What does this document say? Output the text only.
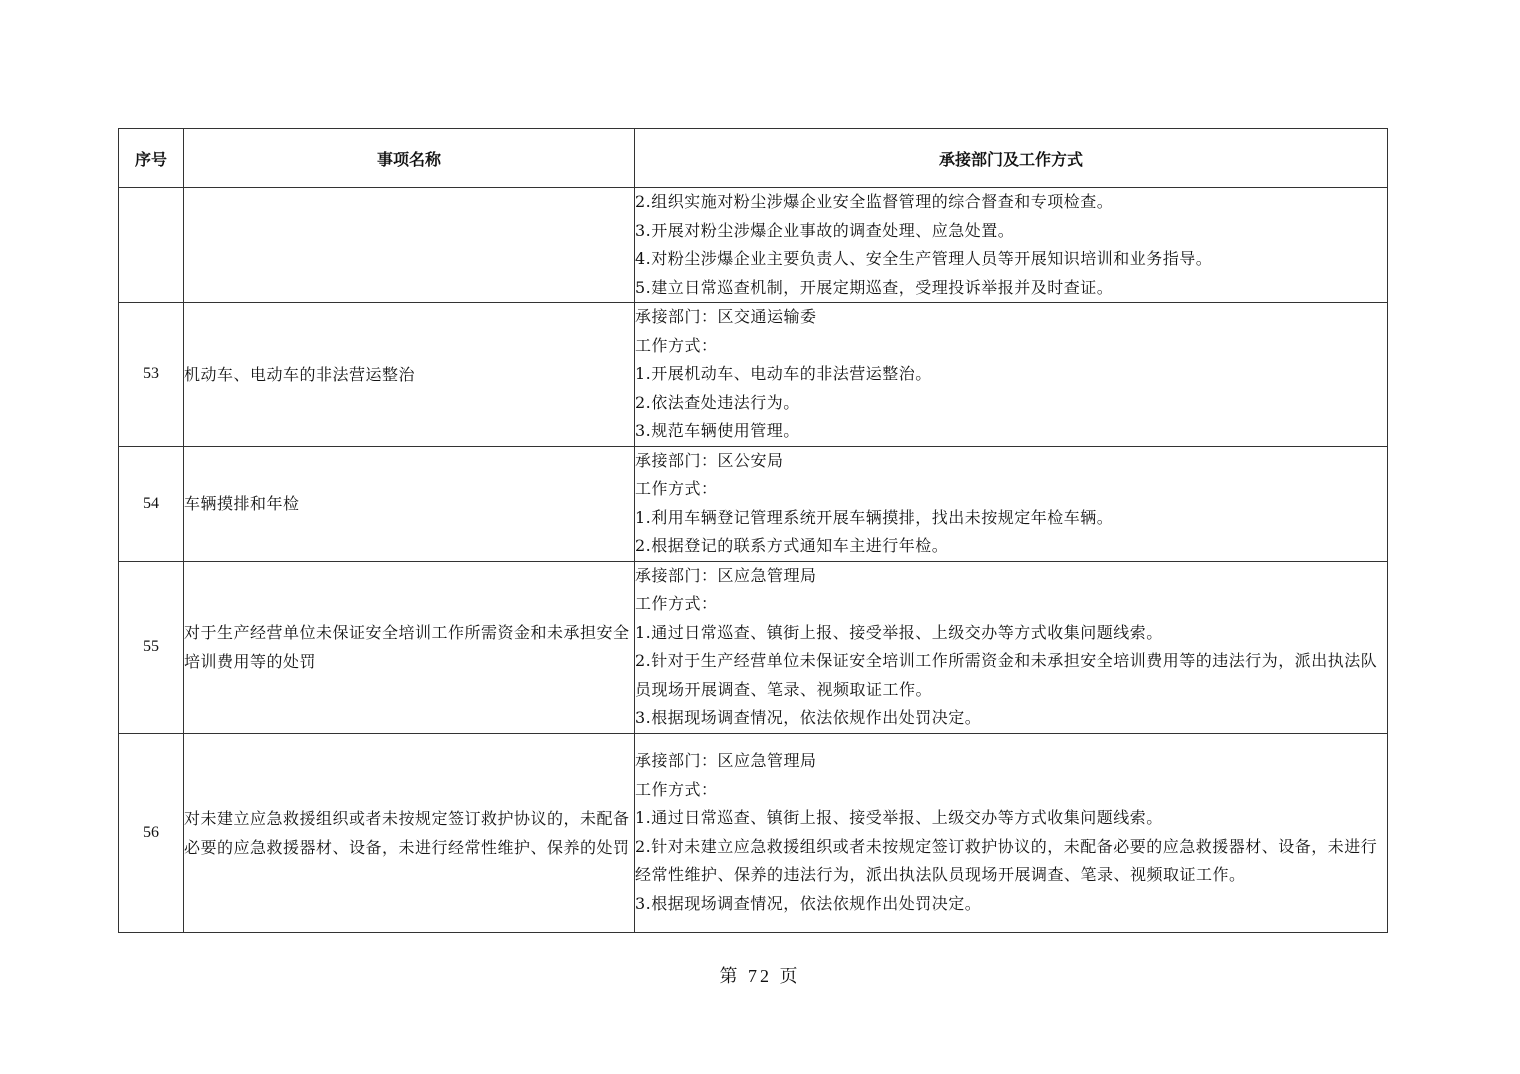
序号	事项名称	承接部门及工作方式

		2.组织实施对粉尘涉爆企业安全监督管理的综合督查和专项检查。
3.开展对粉尘涉爆企业事故的调查处理、应急处置。
4.对粉尘涉爆企业主要负责人、安全生产管理人员等开展知识培训和业务指导。
5.建立日常巡查机制，开展定期巡查，受理投诉举报并及时查证。

53	机动车、电动车的非法营运整治	承接部门：区交通运输委
工作方式：
1.开展机动车、电动车的非法营运整治。
2.依法查处违法行为。
3.规范车辆使用管理。

54	车辆摸排和年检	承接部门：区公安局
工作方式：
1.利用车辆登记管理系统开展车辆摸排，找出未按规定年检车辆。
2.根据登记的联系方式通知车主进行年检。

55	对于生产经营单位未保证安全培训工作所需资金和未承担安全培训费用等的处罚	承接部门：区应急管理局
工作方式：
1.通过日常巡查、镇街上报、接受举报、上级交办等方式收集问题线索。
2.针对于生产经营单位未保证安全培训工作所需资金和未承担安全培训费用等的违法行为，派出执法队员现场开展调查、笔录、视频取证工作。
3.根据现场调查情况，依法依规作出处罚决定。

56	对未建立应急救援组织或者未按规定签订救护协议的，未配备必要的应急救援器材、设备，未进行经常性维护、保养的处罚	承接部门：区应急管理局
工作方式：
1.通过日常巡查、镇街上报、接受举报、上级交办等方式收集问题线索。
2.针对未建立应急救援组织或者未按规定签订救护协议的，未配备必要的应急救援器材、设备，未进行经常性维护、保养的违法行为，派出执法队员现场开展调查、笔录、视频取证工作。
3.根据现场调查情况，依法依规作出处罚决定。
第 72 页
